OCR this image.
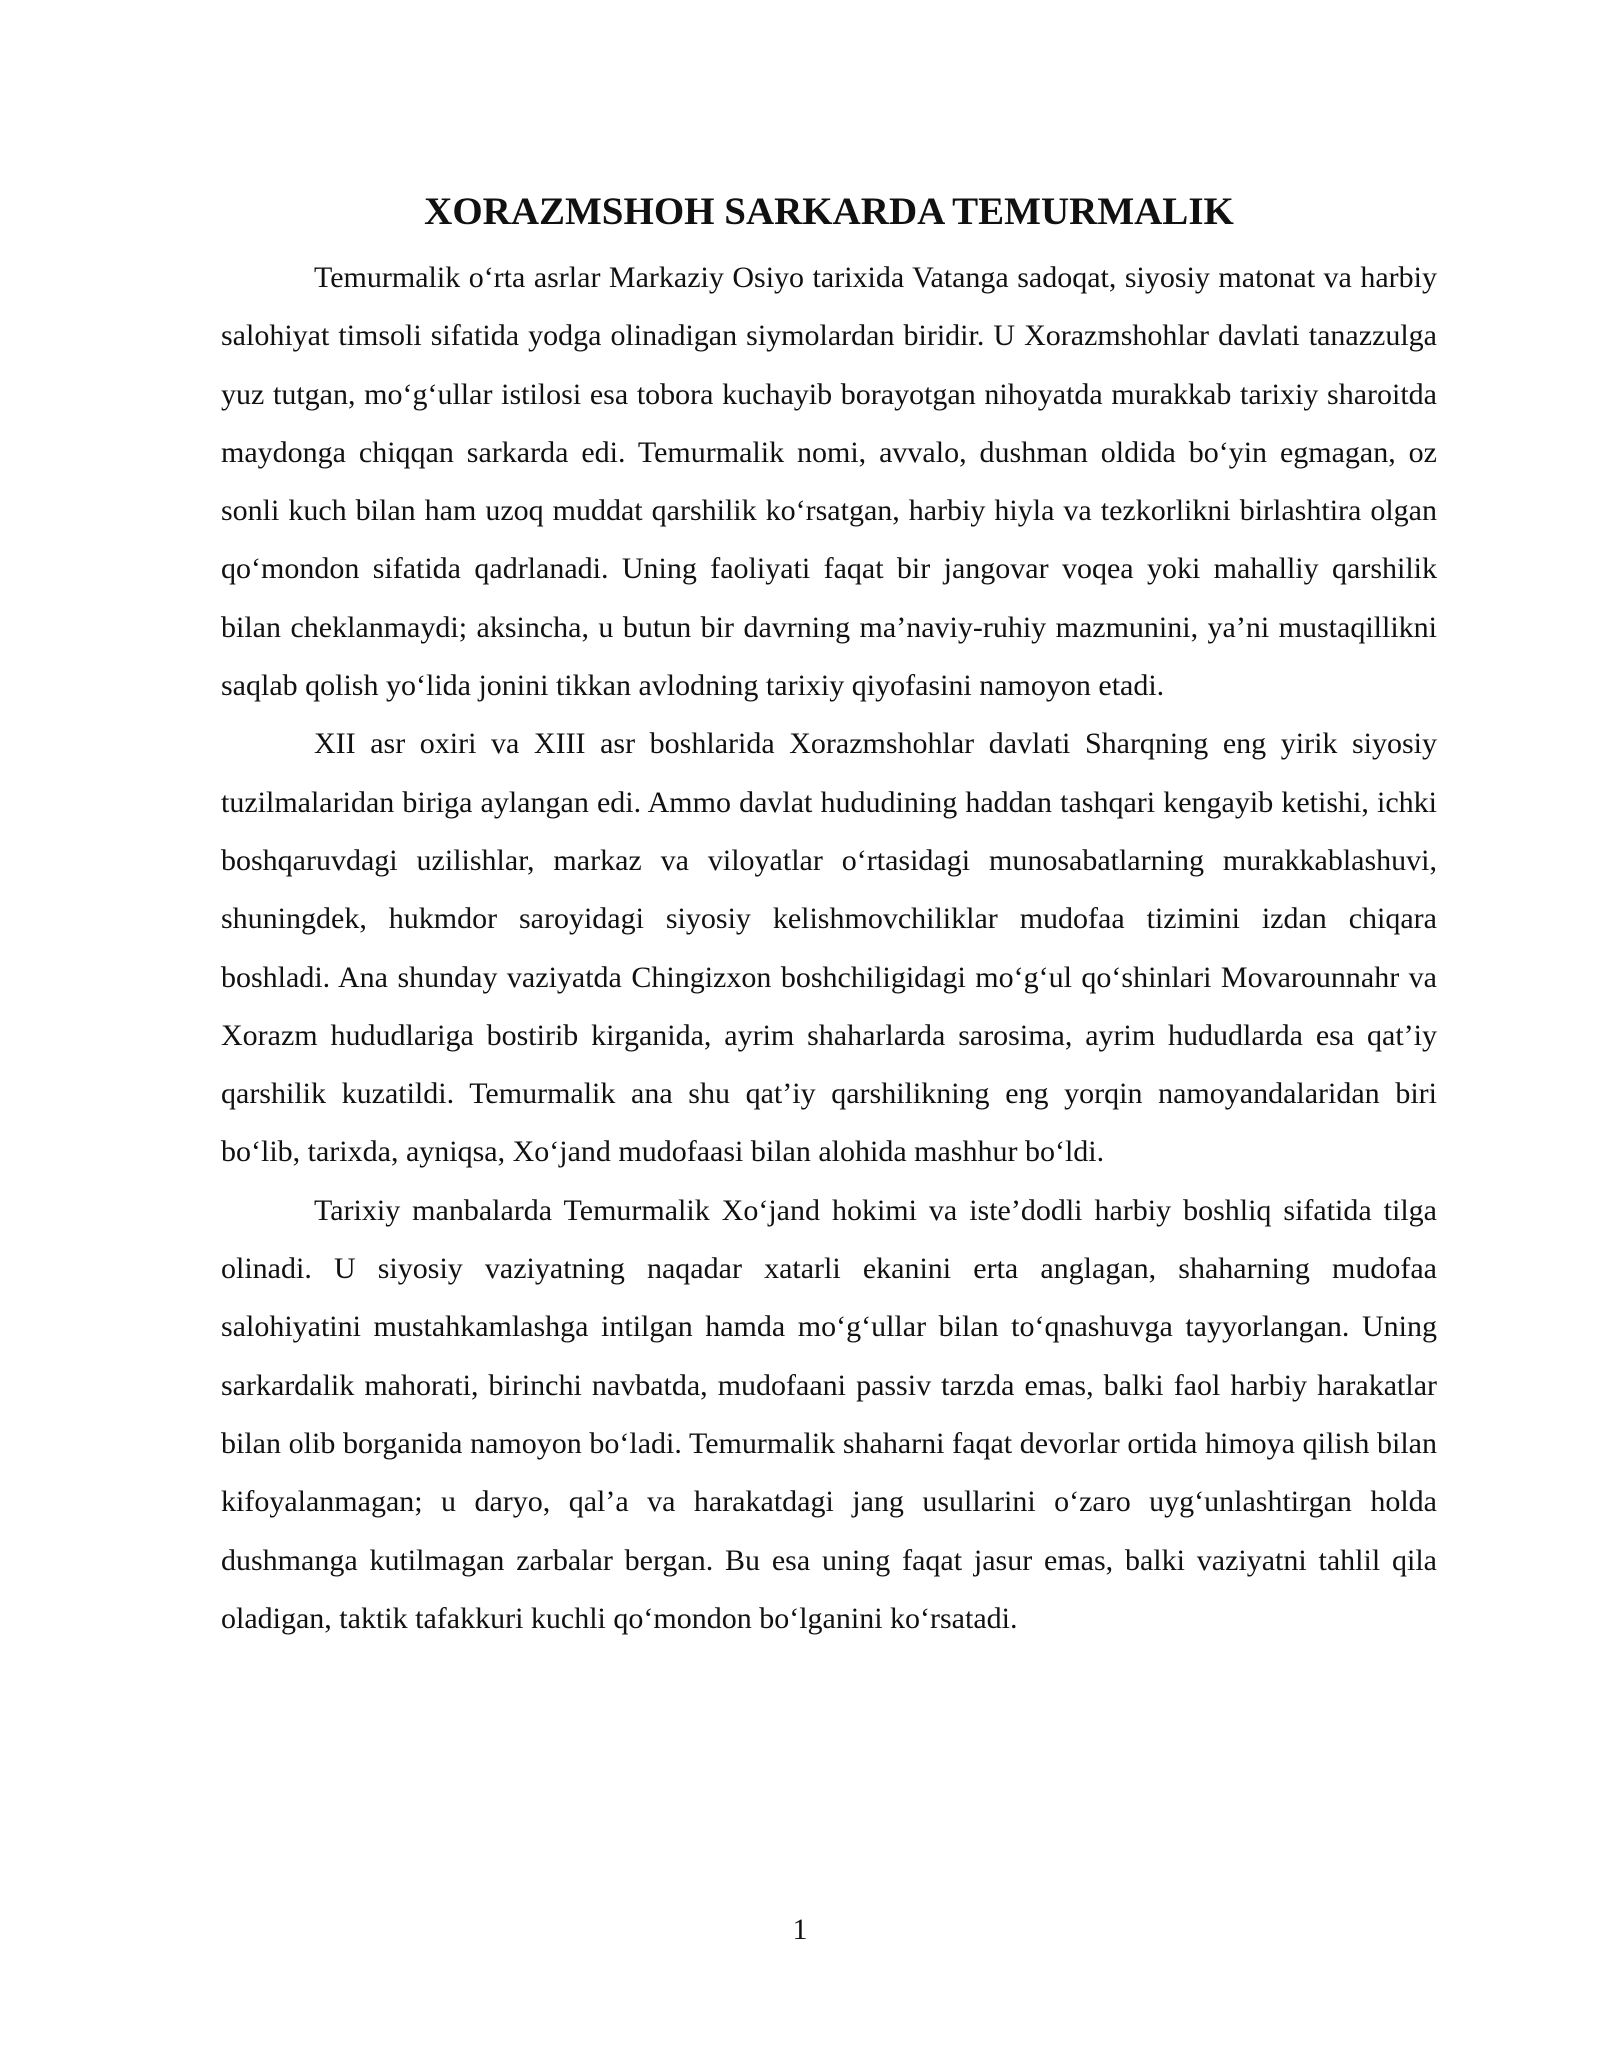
XORAZMSHOH SARKARDA TEMURMALIK

Temurmalik o‘rta asrlar Markaziy Osiyo tarixida Vatanga sadoqat, siyosiy matonat va harbiy salohiyat timsoli sifatida yodga olinadigan siymolardan biridir. U Xorazmshohlar davlati tanazzulga yuz tutgan, mo‘g‘ullar istilosi esa tobora kuchayib borayotgan nihoyatda murakkab tarixiy sharoitda maydonga chiqqan sarkarda edi. Temurmalik nomi, avvalo, dushman oldida bo‘yin egmagan, oz sonli kuch bilan ham uzoq muddat qarshilik ko‘rsatgan, harbiy hiyla va tezkorlikni birlashtira olgan qo‘mondon sifatida qadrlanadi. Uning faoliyati faqat bir jangovar voqea yoki mahalliy qarshilik bilan cheklanmaydi; aksincha, u butun bir davrning ma’naviy-ruhiy mazmunini, ya’ni mustaqillikni saqlab qolish yo‘lida jonini tikkan avlodning tarixiy qiyofasini namoyon etadi.

XII asr oxiri va XIII asr boshlarida Xorazmshohlar davlati Sharqning eng yirik siyosiy tuzilmalaridan biriga aylangan edi. Ammo davlat hududining haddan tashqari kengayib ketishi, ichki boshqaruvdagi uzilishlar, markaz va viloyatlar o‘rtasidagi munosabatlarning murakkablashuvi, shuningdek, hukmdor saroyidagi siyosiy kelishmovchiliklar mudofaa tizimini izdan chiqara boshladi. Ana shunday vaziyatda Chingizxon boshchiligidagi mo‘g‘ul qo‘shinlari Movarounnahr va Xorazm hududlariga bostirib kirganida, ayrim shaharlarda sarosima, ayrim hududlarda esa qat’iy qarshilik kuzatildi. Temurmalik ana shu qat’iy qarshilikning eng yorqin namoyandalaridan biri bo‘lib, tarixda, ayniqsa, Xo‘jand mudofaasi bilan alohida mashhur bo‘ldi.

Tarixiy manbalarda Temurmalik Xo‘jand hokimi va iste’dodli harbiy boshliq sifatida tilga olinadi. U siyosiy vaziyatning naqadar xatarli ekanini erta anglagan, shaharning mudofaa salohiyatini mustahkamlashga intilgan hamda mo‘g‘ullar bilan to‘qnashuvga tayyorlangan. Uning sarkardalik mahorati, birinchi navbatda, mudofaani passiv tarzda emas, balki faol harbiy harakatlar bilan olib borganida namoyon bo‘ladi. Temurmalik shaharni faqat devorlar ortida himoya qilish bilan kifoyalanmagan; u daryo, qal’a va harakatdagi jang usullarini o‘zaro uyg‘unlashtirgan holda dushmanga kutilmagan zarbalar bergan. Bu esa uning faqat jasur emas, balki vaziyatni tahlil qila oladigan, taktik tafakkuri kuchli qo‘mondon bo‘lganini ko‘rsatadi.

1
